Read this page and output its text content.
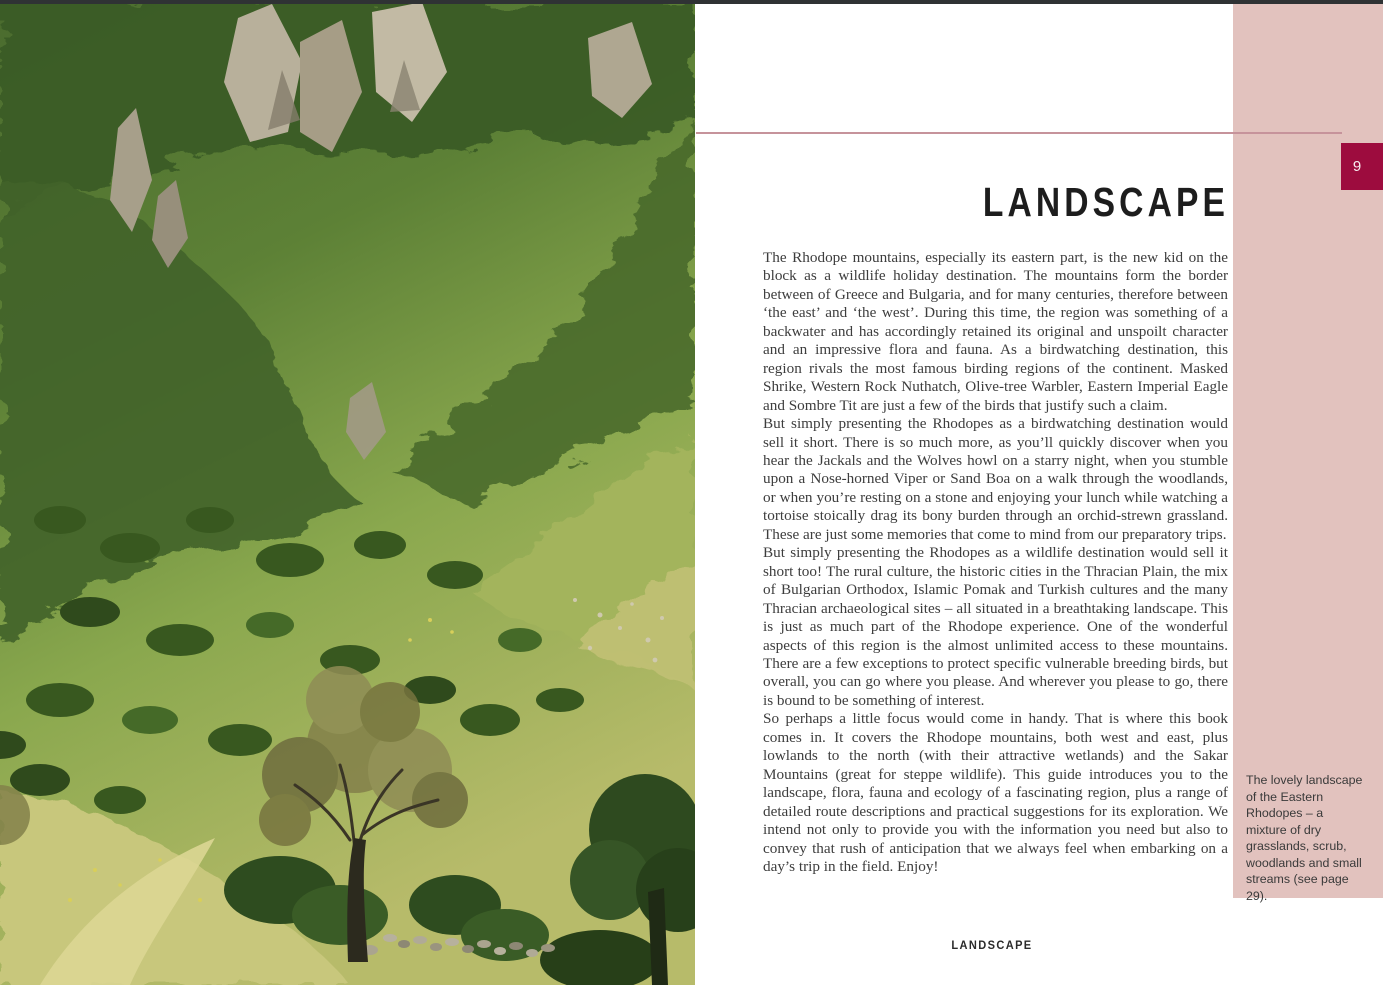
9
LANDSCAPE

The Rhodope mountains, especially its eastern part, is the new kid on the block as a wildlife holiday destination. The mountains form the border between of Greece and Bulgaria, and for many centuries, therefore between ‘the east’ and ‘the west’. During this time, the region was something of a backwater and has accordingly retained its original and unspoilt character and an impressive flora and fauna. As a birdwatching destination, this region rivals the most famous birding regions of the continent. Masked Shrike, Western Rock Nuthatch, Olive-tree Warbler, Eastern Imperial Eagle and Sombre Tit are just a few of the birds that justify such a claim.

But simply presenting the Rhodopes as a birdwatching destination would sell it short. There is so much more, as you’ll quickly discover when you hear the Jackals and the Wolves howl on a starry night, when you stumble upon a Nose-horned Viper or Sand Boa on a walk through the woodlands, or when you’re resting on a stone and enjoying your lunch while watching a tortoise stoically drag its bony burden through an orchid-strewn grassland. These are just some memories that come to mind from our preparatory trips.

But simply presenting the Rhodopes as a wildlife destination would sell it short too! The rural culture, the historic cities in the Thracian Plain, the mix of Bulgarian Orthodox, Islamic Pomak and Turkish cultures and the many Thracian archaeological sites – all situated in a breathtaking landscape. This is just as much part of the Rhodope experience. One of the wonderful aspects of this region is the almost unlimited access to these mountains. There are a few exceptions to protect specific vulnerable breeding birds, but overall, you can go where you please. And wherever you please to go, there is bound to be something of interest.

So perhaps a little focus would come in handy. That is where this book comes in. It covers the Rhodope mountains, both west and east, plus lowlands to the north (with their attractive wetlands) and the Sakar Mountains (great for steppe wildlife). This guide introduces you to the landscape, flora, fauna and ecology of a fascinating region, plus a range of detailed route descriptions and practical suggestions for its exploration. We intend not only to provide you with the information you need but also to convey that rush of anticipation that we always feel when embarking on a day’s trip in the field. Enjoy!

The lovely landscape of the Eastern Rhodopes – a mixture of dry grasslands, scrub, woodlands and small streams (see page 29).
LANDSCAPE
